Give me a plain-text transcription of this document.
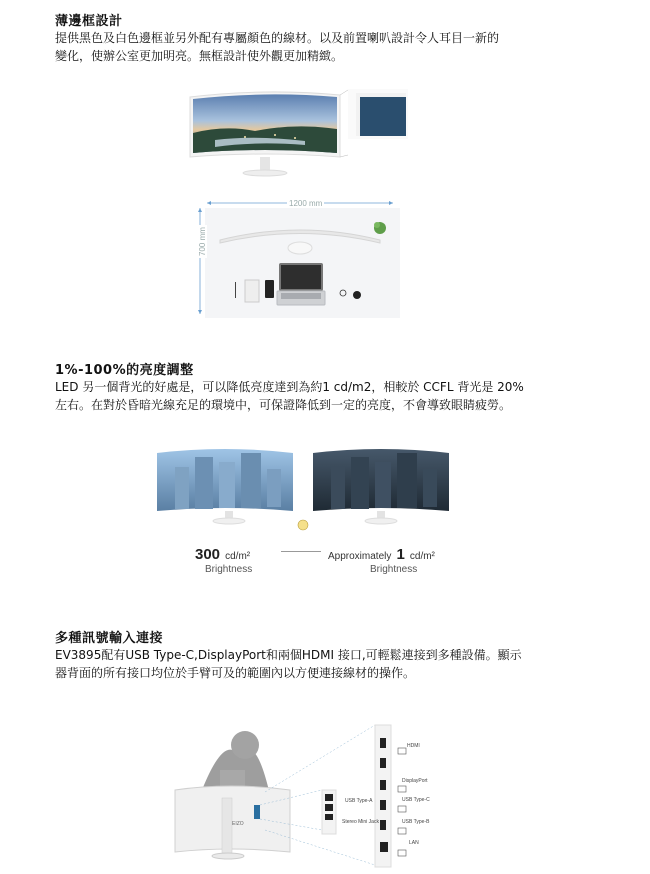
薄邊框設計
提供黑色及白色邊框並另外配有專屬顏色的線材。以及前置喇叭設計令人耳目一新的
變化，使辦公室更加明亮。無框設計使外觀更加精緻。
1200 mm
700 mm
1%-100%的亮度調整
LED 另一個背光的好處是，可以降低亮度達到為約1 cd/m2，相較於 CCFL 背光是 20%
左右。在對於昏暗光線充足的環境中，可保證降低到一定的亮度，不會導致眼睛疲勞。
300 cd/m²
Brightness
Approximately 1 cd/m²
Brightness
多種訊號輸入連接
EV3895配有USB Type-C,DisplayPort和兩個HDMI 接口,可輕鬆連接到多種設備。顯示
器背面的所有接口均位於手臂可及的範圍內以方便連接線材的操作。
EIZO
USB Type-A
Stereo Mini Jack
HDMI
DisplayPort
USB Type-C
USB Type-B
LAN
